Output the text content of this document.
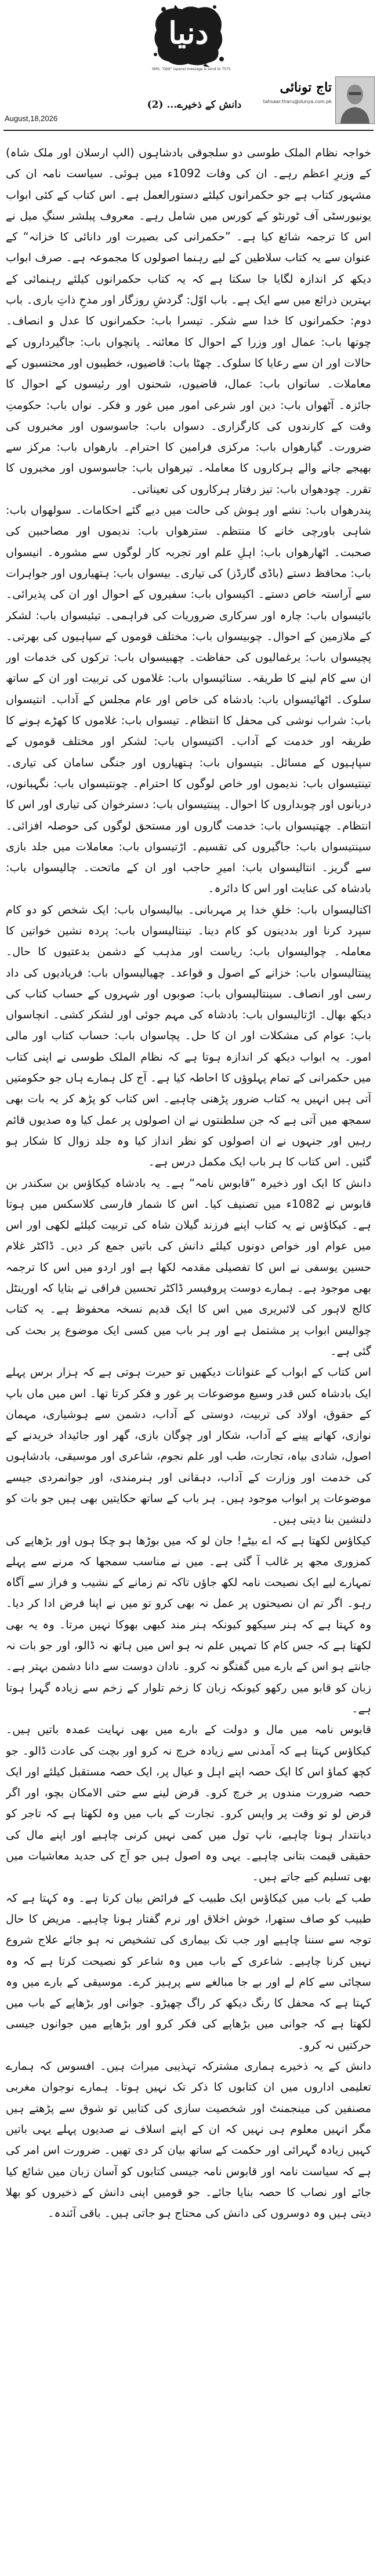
دنیا
SMS: "DJW" (space) message & send to 7575
تاج تونائی
tahsaar.tharu@dunya.com.pk
دانش کے ذخیرے... (2)
August,18,2026

خواجہ نظام الملک طوسی دو سلجوقی بادشاہوں (الپ ارسلان اور ملک شاہ) کے وزیرِ اعظم رہے۔ ان کی وفات 1092ء میں ہوئی۔ سیاست نامہ ان کی مشہور کتاب ہے جو حکمرانوں کیلئے دستورالعمل ہے۔ اس کتاب کے کئی ابواب یونیورسٹی آف ٹورنٹو کے کورس میں شامل رہے۔ معروف پبلشر سنگِ میل نے اس کا ترجمہ شائع کیا ہے۔ ”حکمرانی کی بصیرت اور دانائی کا خزانہ“ کے عنوان سے یہ کتاب سلاطین کے لیے رہنما اصولوں کا مجموعہ ہے۔ صرف ابواب دیکھ کر اندازہ لگایا جا سکتا ہے کہ یہ کتاب حکمرانوں کیلئے رہنمائی کے بہترین ذرائع میں سے ایک ہے۔ باب اوّل: گردشِ روزگار اور مدحِ ذاتِ باری۔ باب دوم: حکمرانوں کا خدا سے شکر۔ تیسرا باب: حکمرانوں کا عدل و انصاف۔ چوتھا باب: عمال اور وزرا کے احوال کا معائنہ۔ پانچواں باب: جاگیرداروں کے حالات اور ان سے رعایا کا سلوک۔ چھٹا باب: قاضیوں، خطیبوں اور محتسبوں کے معاملات۔ ساتواں باب: عمال، قاضیوں، شحنوں اور رئیسوں کے احوال کا جائزہ۔ آٹھواں باب: دین اور شرعی امور میں غور و فکر۔ نواں باب: حکومتِ وقت کے کارندوں کی کارگزاری۔ دسواں باب: جاسوسوں اور مخبروں کی ضرورت۔ گیارھواں باب: مرکزی فرامین کا احترام۔ بارھواں باب: مرکز سے بھیجے جانے والے ہرکاروں کا معاملہ۔ تیرھواں باب: جاسوسوں اور مخبروں کا تقرر۔ چودھواں باب: تیز رفتار ہرکاروں کی تعیناتی۔

پندرھواں باب: نشے اور ہوش کی حالت میں دیے گئے احکامات۔ سولھواں باب: شاہی باورچی خانے کا منتظم۔ سترھواں باب: ندیموں اور مصاحبین کی صحبت۔ اٹھارھواں باب: اہلِ علم اور تجربہ کار لوگوں سے مشورہ۔ انیسواں باب: محافظ دستے (باڈی گارڈز) کی تیاری۔ بیسواں باب: ہتھیاروں اور جواہرات سے آراستہ خاص دستے۔ اکیسواں باب: سفیروں کے احوال اور ان کی پذیرائی۔ بائیسواں باب: چارہ اور سرکاری ضروریات کی فراہمی۔ تیئیسواں باب: لشکر کے ملازمین کے احوال۔ چوبیسواں باب: مختلف قوموں کے سپاہیوں کی بھرتی۔ پچیسواں باب: یرغمالیوں کی حفاظت۔ چھبیسواں باب: ترکوں کی خدمات اور ان سے کام لینے کا طریقہ۔ ستائیسواں باب: غلاموں کی تربیت اور ان کے ساتھ سلوک۔ اٹھائیسواں باب: بادشاہ کی خاص اور عام مجلس کے آداب۔ انتیسواں باب: شراب نوشی کی محفل کا انتظام۔ تیسواں باب: غلاموں کا کھڑے ہونے کا طریقہ اور خدمت کے آداب۔ اکتیسواں باب: لشکر اور مختلف قوموں کے سپاہیوں کے مسائل۔ بتیسواں باب: ہتھیاروں اور جنگی سامان کی تیاری۔ تینتیسواں باب: ندیموں اور خاص لوگوں کا احترام۔ چونتیسواں باب: نگہبانوں، دربانوں اور چوبداروں کا احوال۔ پینتیسواں باب: دسترخوان کی تیاری اور اس کا انتظام۔ چھتیسواں باب: خدمت گاروں اور مستحق لوگوں کی حوصلہ افزائی۔ سینتیسواں باب: جاگیروں کی تقسیم۔ اڑتیسواں باب: معاملات میں جلد بازی سے گریز۔ انتالیسواں باب: امیرِ حاجب اور ان کے ماتحت۔ چالیسواں باب: بادشاہ کی عنایت اور اس کا دائرہ۔

اکتالیسواں باب: خلقِ خدا پر مہربانی۔ بیالیسواں باب: ایک شخص کو دو کام سپرد کرنا اور بددینوں کو کام دینا۔ تینتالیسواں باب: پردہ نشین خواتین کا معاملہ۔ چوالیسواں باب: ریاست اور مذہب کے دشمن بدعتیوں کا حال۔ پینتالیسواں باب: خزانے کے اصول و قواعد۔ چھیالیسواں باب: فریادیوں کی داد رسی اور انصاف۔ سینتالیسواں باب: صوبوں اور شہروں کے حساب کتاب کی دیکھ بھال۔ اڑتالیسواں باب: بادشاہ کی مہم جوئی اور لشکر کشی۔ انچاسواں باب: عوام کی مشکلات اور ان کا حل۔ پچاسواں باب: حساب کتاب اور مالی امور۔ یہ ابواب دیکھ کر اندازہ ہوتا ہے کہ نظام الملک طوسی نے اپنی کتاب میں حکمرانی کے تمام پہلوؤں کا احاطہ کیا ہے۔ آج کل ہمارے ہاں جو حکومتیں آتی ہیں انہیں یہ کتاب ضرور پڑھنی چاہیے۔ اس کتاب کو پڑھ کر یہ بات بھی سمجھ میں آتی ہے کہ جن سلطنتوں نے ان اصولوں پر عمل کیا وہ صدیوں قائم رہیں اور جنہوں نے ان اصولوں کو نظر انداز کیا وہ جلد زوال کا شکار ہو گئیں۔ اس کتاب کا ہر باب ایک مکمل درس ہے۔

دانش کا ایک اور ذخیرہ ”قابوس نامہ“ ہے۔ یہ بادشاہ کیکاؤس بن سکندر بن قابوس نے 1082ء میں تصنیف کیا۔ اس کا شمار فارسی کلاسکس میں ہوتا ہے۔ کیکاؤس نے یہ کتاب اپنے فرزند گیلان شاہ کی تربیت کیلئے لکھی اور اس میں عوام اور خواص دونوں کیلئے دانش کی باتیں جمع کر دیں۔ ڈاکٹر غلام حسین یوسفی نے اس کا تفصیلی مقدمہ لکھا ہے اور اردو میں اس کا ترجمہ بھی موجود ہے۔ ہمارے دوست پروفیسر ڈاکٹر تحسین فراقی نے بتایا کہ اورینٹل کالج لاہور کی لائبریری میں اس کا ایک قدیم نسخہ محفوظ ہے۔ یہ کتاب چوالیس ابواب پر مشتمل ہے اور ہر باب میں کسی ایک موضوع پر بحث کی گئی ہے۔

اس کتاب کے ابواب کے عنوانات دیکھیں تو حیرت ہوتی ہے کہ ہزار برس پہلے ایک بادشاہ کس قدر وسیع موضوعات پر غور و فکر کرتا تھا۔ اس میں ماں باپ کے حقوق، اولاد کی تربیت، دوستی کے آداب، دشمن سے ہوشیاری، مہمان نوازی، کھانے پینے کے آداب، شکار اور چوگان بازی، گھر اور جائیداد خریدنے کے اصول، شادی بیاہ، تجارت، طب اور علم نجوم، شاعری اور موسیقی، بادشاہوں کی خدمت اور وزارت کے آداب، دہقانی اور ہنرمندی، اور جوانمردی جیسے موضوعات پر ابواب موجود ہیں۔ ہر باب کے ساتھ حکایتیں بھی ہیں جو بات کو دلنشین بنا دیتی ہیں۔

کیکاؤس لکھتا ہے کہ اے بیٹے! جان لو کہ میں بوڑھا ہو چکا ہوں اور بڑھاپے کی کمزوری مجھ پر غالب آ گئی ہے۔ میں نے مناسب سمجھا کہ مرنے سے پہلے تمہارے لیے ایک نصیحت نامہ لکھ جاؤں تاکہ تم زمانے کے نشیب و فراز سے آگاہ رہو۔ اگر تم ان نصیحتوں پر عمل نہ بھی کرو تو میں نے اپنا فرض ادا کر دیا۔ وہ کہتا ہے کہ ہنر سیکھو کیونکہ ہنر مند کبھی بھوکا نہیں مرتا۔ وہ یہ بھی لکھتا ہے کہ جس کام کا تمہیں علم نہ ہو اس میں ہاتھ نہ ڈالو، اور جو بات نہ جانتے ہو اس کے بارے میں گفتگو نہ کرو۔ نادان دوست سے دانا دشمن بہتر ہے۔ زبان کو قابو میں رکھو کیونکہ زبان کا زخم تلوار کے زخم سے زیادہ گہرا ہوتا ہے۔

قابوس نامہ میں مال و دولت کے بارے میں بھی نہایت عمدہ باتیں ہیں۔ کیکاؤس کہتا ہے کہ آمدنی سے زیادہ خرچ نہ کرو اور بچت کی عادت ڈالو۔ جو کچھ کماؤ اس کا ایک حصہ اپنے اہل و عیال پر، ایک حصہ مستقبل کیلئے اور ایک حصہ ضرورت مندوں پر خرچ کرو۔ قرض لینے سے حتی الامکان بچو، اور اگر قرض لو تو وقت پر واپس کرو۔ تجارت کے باب میں وہ لکھتا ہے کہ تاجر کو دیانتدار ہونا چاہیے، ناپ تول میں کمی نہیں کرنی چاہیے اور اپنے مال کی حقیقی قیمت بتانی چاہیے۔ یہی وہ اصول ہیں جو آج کی جدید معاشیات میں بھی تسلیم کیے جاتے ہیں۔

طب کے باب میں کیکاؤس ایک طبیب کے فرائض بیان کرتا ہے۔ وہ کہتا ہے کہ طبیب کو صاف ستھرا، خوش اخلاق اور نرم گفتار ہونا چاہیے۔ مریض کا حال توجہ سے سننا چاہیے اور جب تک بیماری کی تشخیص نہ ہو جائے علاج شروع نہیں کرنا چاہیے۔ شاعری کے باب میں وہ شاعر کو نصیحت کرتا ہے کہ وہ سچائی سے کام لے اور بے جا مبالغے سے پرہیز کرے۔ موسیقی کے بارے میں وہ کہتا ہے کہ محفل کا رنگ دیکھ کر راگ چھیڑو۔ جوانی اور بڑھاپے کے باب میں لکھتا ہے کہ جوانی میں بڑھاپے کی فکر کرو اور بڑھاپے میں جوانوں جیسی حرکتیں نہ کرو۔

دانش کے یہ ذخیرے ہماری مشترکہ تہذیبی میراث ہیں۔ افسوس کہ ہمارے تعلیمی اداروں میں ان کتابوں کا ذکر تک نہیں ہوتا۔ ہمارے نوجوان مغربی مصنفین کی مینجمنٹ اور شخصیت سازی کی کتابیں تو شوق سے پڑھتے ہیں مگر انہیں معلوم ہی نہیں کہ ان کے اپنے اسلاف نے صدیوں پہلے یہی باتیں کہیں زیادہ گہرائی اور حکمت کے ساتھ بیان کر دی تھیں۔ ضرورت اس امر کی ہے کہ سیاست نامہ اور قابوس نامہ جیسی کتابوں کو آسان زبان میں شائع کیا جائے اور نصاب کا حصہ بنایا جائے۔ جو قومیں اپنی دانش کے ذخیروں کو بھلا دیتی ہیں وہ دوسروں کی دانش کی محتاج ہو جاتی ہیں۔ باقی آئندہ۔
